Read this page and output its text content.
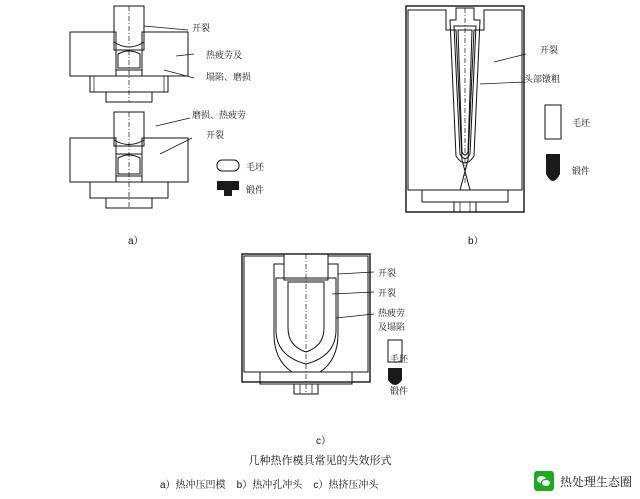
开裂
热疲劳及
塌陷、磨损
磨损、热疲劳
开裂
毛坯
锻件
a）
开裂
头部镦粗
毛坯
锻件
b）
开裂
开裂
热疲劳
及塌陷
毛坯
锻件
c）
几种热作模具常见的失效形式
a）热冲压凹模    b）热冲孔冲头    c）热挤压冲头	热处理生态圈
